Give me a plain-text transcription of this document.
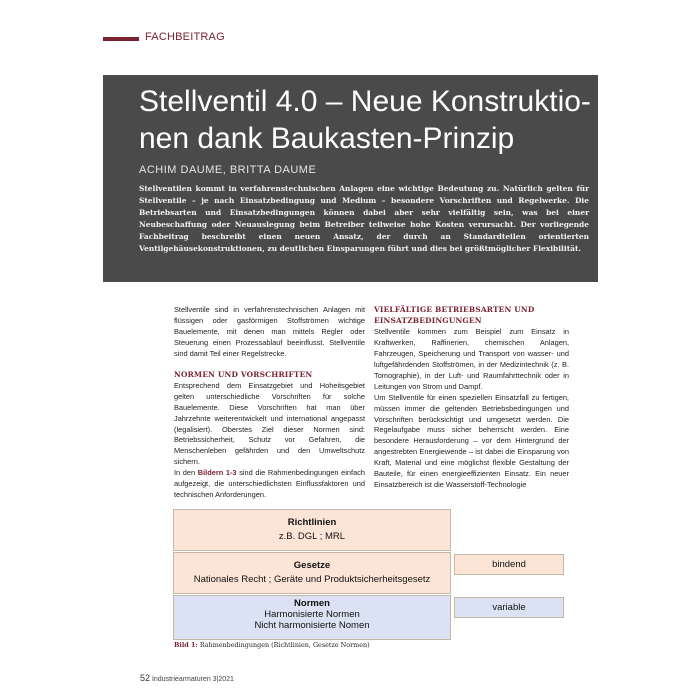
FACHBEITRAG
Stellventil 4.0 – Neue Konstruktionen dank Baukasten-Prinzip
ACHIM DAUME, BRITTA DAUME
Stellventilen kommt in verfahrenstechnischen Anlagen eine wichtige Bedeutung zu. Natürlich gelten für Stellventile – je nach Einsatzbedingung und Medium – besondere Vorschriften und Regelwerke. Die Betriebsarten und Einsatzbedingungen können dabei aber sehr vielfältig sein, was bei einer Neubeschaffung oder Neuauslegung beim Betreiber teilweise hohe Kosten verursacht. Der vorliegende Fachbeitrag beschreibt einen neuen Ansatz, der durch an Standardteilen orientierten Ventilgehäusekonstruktionen, zu deutlichen Einsparungen führt und dies bei größtmöglicher Flexibilität.

Stellventile sind in verfahrenstechnischen Anlagen mit flüssigen oder gasförmigen Stoffströmen wichtige Bauelemente, mit denen man mittels Regler oder Steuerung einen Prozessablauf beeinflusst. Stellventile sind damit Teil einer Regelstrecke.

NORMEN UND VORSCHRIFTEN

Entsprechend dem Einsatzgebiet und Hoheitsgebiet gelten unterschiedliche Vorschriften für solche Bauelemente. Diese Vorschriften hat man über Jahrzehnte weiterentwickelt und international angepasst (legalisiert). Oberstes Ziel dieser Normen sind: Betriebssicherheit, Schutz vor Gefahren, die Menschenleben gefährden und den Umweltschutz sichern.

In den Bildern 1-3 sind die Rahmenbedingungen einfach aufgezeigt, die unterschiedlichsten Einflussfaktoren und technischen Anforderungen.

VIELFÄLTIGE BETRIEBSARTEN UND EINSATZBEDINGUNGEN

Stellventile kommen zum Beispiel zum Einsatz in Kraftwerken, Raffinerien, chemischen Anlagen, Fahrzeugen, Speicherung und Transport von wasser- und luftgefährdenden Stoffströmen, in der Medizintechnik (z. B. Tomographie), in der Luft- und Raumfahrttechnik oder in Leitungen von Strom und Dampf.

Um Stellventile für einen speziellen Einsatzfall zu fertigen, müssen immer die geltenden Betriebsbedingungen und Vorschriften berücksichtigt und umgesetzt werden. Die Regelaufgabe muss sicher beherrscht werden. Eine besondere Herausforderung – vor dem Hintergrund der angestrebten Energiewende – ist dabei die Einsparung von Kraft, Material und eine möglichst flexible Gestaltung der Bauteile, für einen energieeffizienten Einsatz. Ein neuer Einsatzbereich ist die Wasserstoff-Technologie

Richtlinien
z.B. DGL ; MRL
Gesetze
Nationales Recht ; Geräte und Produktsicherheitsgesetz
Normen
Harmonisierte Normen
Nicht harmonisierte Nomen
bindend
variable
Bild 1: Rahmenbedingungen (Richtlinien, Gesetze Normen)
52 Industriearmaturen 3|2021
